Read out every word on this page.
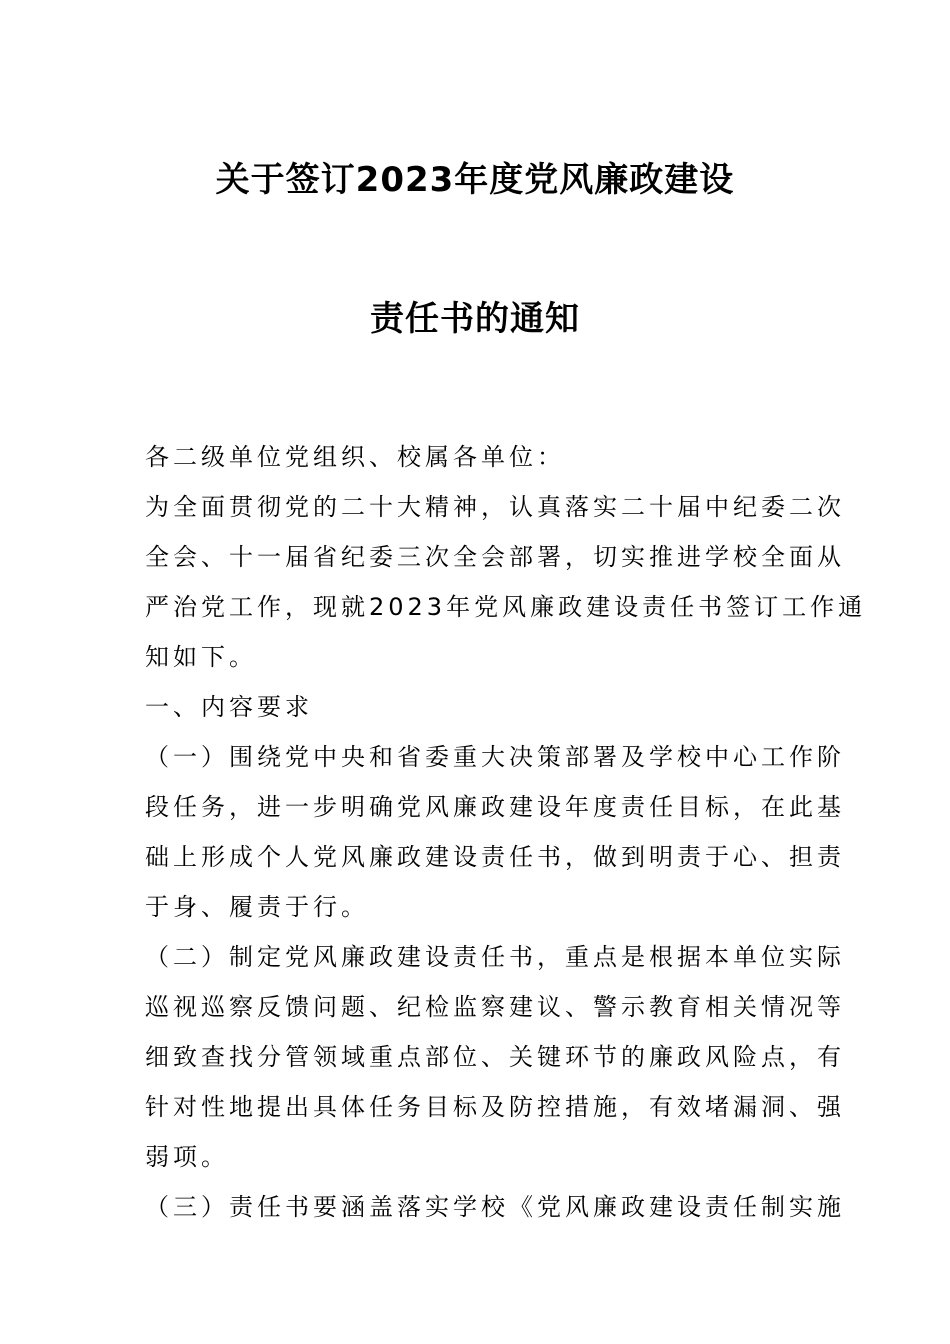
关于签订2023年度党风廉政建设
责任书的通知

各二级单位党组织、校属各单位：

为全面贯彻党的二十大精神，认真落实二十届中纪委二次

全会、十一届省纪委三次全会部署，切实推进学校全面从

严治党工作，现就2023年党风廉政建设责任书签订工作通

知如下。

一、内容要求

（一）围绕党中央和省委重大决策部署及学校中心工作阶

段任务，进一步明确党风廉政建设年度责任目标，在此基

础上形成个人党风廉政建设责任书，做到明责于心、担责

于身、履责于行。

（二）制定党风廉政建设责任书，重点是根据本单位实际

巡视巡察反馈问题、纪检监察建议、警示教育相关情况等

细致查找分管领域重点部位、关键环节的廉政风险点，有

针对性地提出具体任务目标及防控措施，有效堵漏洞、强

弱项。

（三）责任书要涵盖落实学校《党风廉政建设责任制实施
